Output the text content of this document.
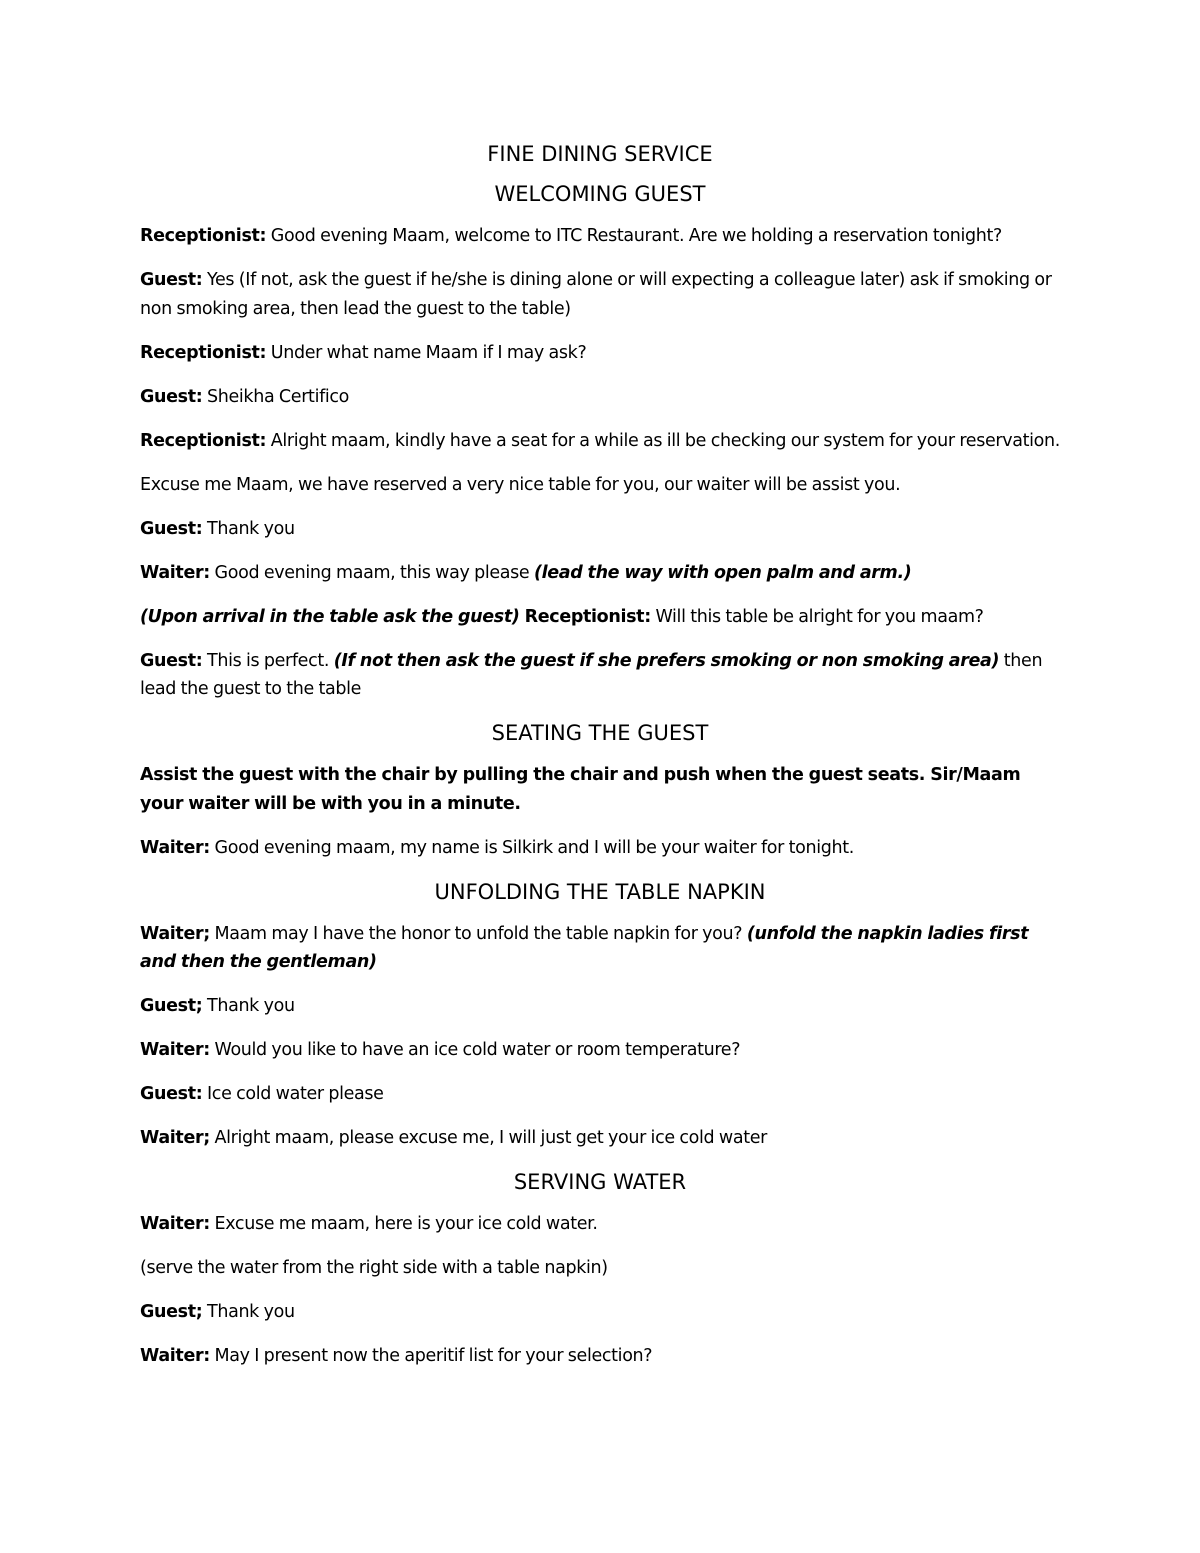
FINE DINING SERVICE
WELCOMING GUEST

Receptionist: Good evening Maam, welcome to ITC Restaurant. Are we holding a reservation tonight?

Guest: Yes (If not, ask the guest if he/she is dining alone or will expecting a colleague later) ask if smoking or non smoking area, then lead the guest to the table)

Receptionist: Under what name Maam if I may ask?

Guest: Sheikha Certifico

Receptionist: Alright maam, kindly have a seat for a while as ill be checking our system for your reservation.

Excuse me Maam, we have reserved a very nice table for you, our waiter will be assist you.

Guest: Thank you

Waiter: Good evening maam, this way please (lead the way with open palm and arm.)

(Upon arrival in the table ask the guest) Receptionist: Will this table be alright for you maam?

Guest: This is perfect. (If not then ask the guest if she prefers smoking or non smoking area) then lead the guest to the table

SEATING THE GUEST

Assist the guest with the chair by pulling the chair and push when the guest seats. Sir/Maam your waiter will be with you in a minute.

Waiter: Good evening maam, my name is Silkirk and I will be your waiter for tonight.

UNFOLDING THE TABLE NAPKIN

Waiter; Maam may I have the honor to unfold the table napkin for you? (unfold the napkin ladies first and then the gentleman)

Guest; Thank you

Waiter: Would you like to have an ice cold water or room temperature?

Guest: Ice cold water please

Waiter; Alright maam, please excuse me, I will just get your ice cold water

SERVING WATER

Waiter: Excuse me maam, here is your ice cold water.

(serve the water from the right side with a table napkin)

Guest; Thank you

Waiter: May I present now the aperitif list for your selection?
